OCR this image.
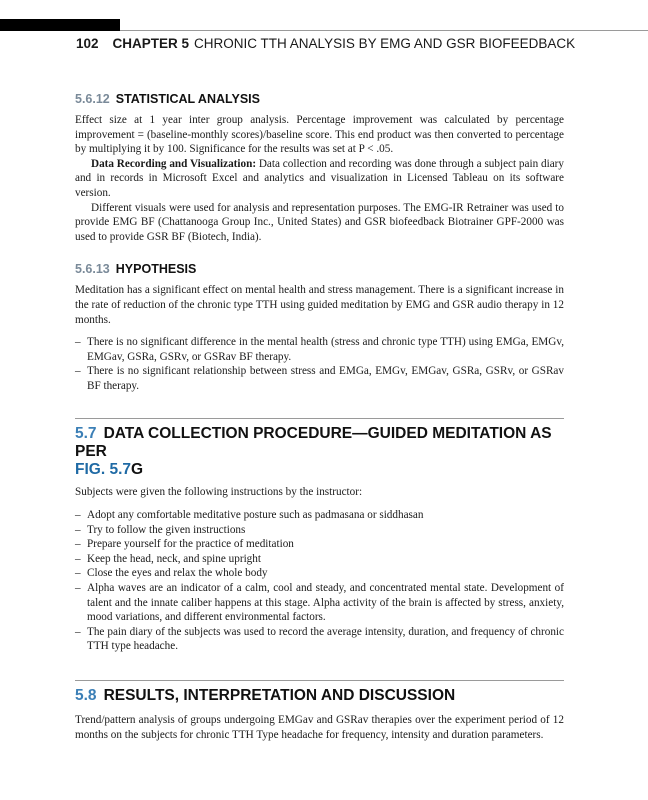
102 CHAPTER 5 CHRONIC TTH ANALYSIS BY EMG AND GSR BIOFEEDBACK
5.6.12 STATISTICAL ANALYSIS

Effect size at 1 year inter group analysis. Percentage improvement was calculated by percentage improvement = (baseline-monthly scores)/baseline score. This end product was then converted to percentage by multiplying it by 100. Significance for the results was set at P < .05.

Data Recording and Visualization: Data collection and recording was done through a subject pain diary and in records in Microsoft Excel and analytics and visualization in Licensed Tableau on its software version.

Different visuals were used for analysis and representation purposes. The EMG-IR Retrainer was used to provide EMG BF (Chattanooga Group Inc., United States) and GSR biofeedback Biotrainer GPF-2000 was used to provide GSR BF (Biotech, India).

5.6.13 HYPOTHESIS

Meditation has a significant effect on mental health and stress management. There is a significant increase in the rate of reduction of the chronic type TTH using guided meditation by EMG and GSR audio therapy in 12 months.

– There is no significant difference in the mental health (stress and chronic type TTH) using EMGa, EMGv, EMGav, GSRa, GSRv, or GSRav BF therapy.
– There is no significant relationship between stress and EMGa, EMGv, EMGav, GSRa, GSRv, or GSRav BF therapy.
5.7 DATA COLLECTION PROCEDURE—GUIDED MEDITATION AS PER
FIG. 5.7G

Subjects were given the following instructions by the instructor:

– Adopt any comfortable meditative posture such as padmasana or siddhasan
– Try to follow the given instructions
– Prepare yourself for the practice of meditation
– Keep the head, neck, and spine upright
– Close the eyes and relax the whole body
– Alpha waves are an indicator of a calm, cool and steady, and concentrated mental state. Development of talent and the innate caliber happens at this stage. Alpha activity of the brain is affected by stress, anxiety, mood variations, and different environmental factors.
– The pain diary of the subjects was used to record the average intensity, duration, and frequency of chronic TTH type headache.
5.8 RESULTS, INTERPRETATION AND DISCUSSION

Trend/pattern analysis of groups undergoing EMGav and GSRav therapies over the experiment period of 12 months on the subjects for chronic TTH Type headache for frequency, intensity and duration parameters.
